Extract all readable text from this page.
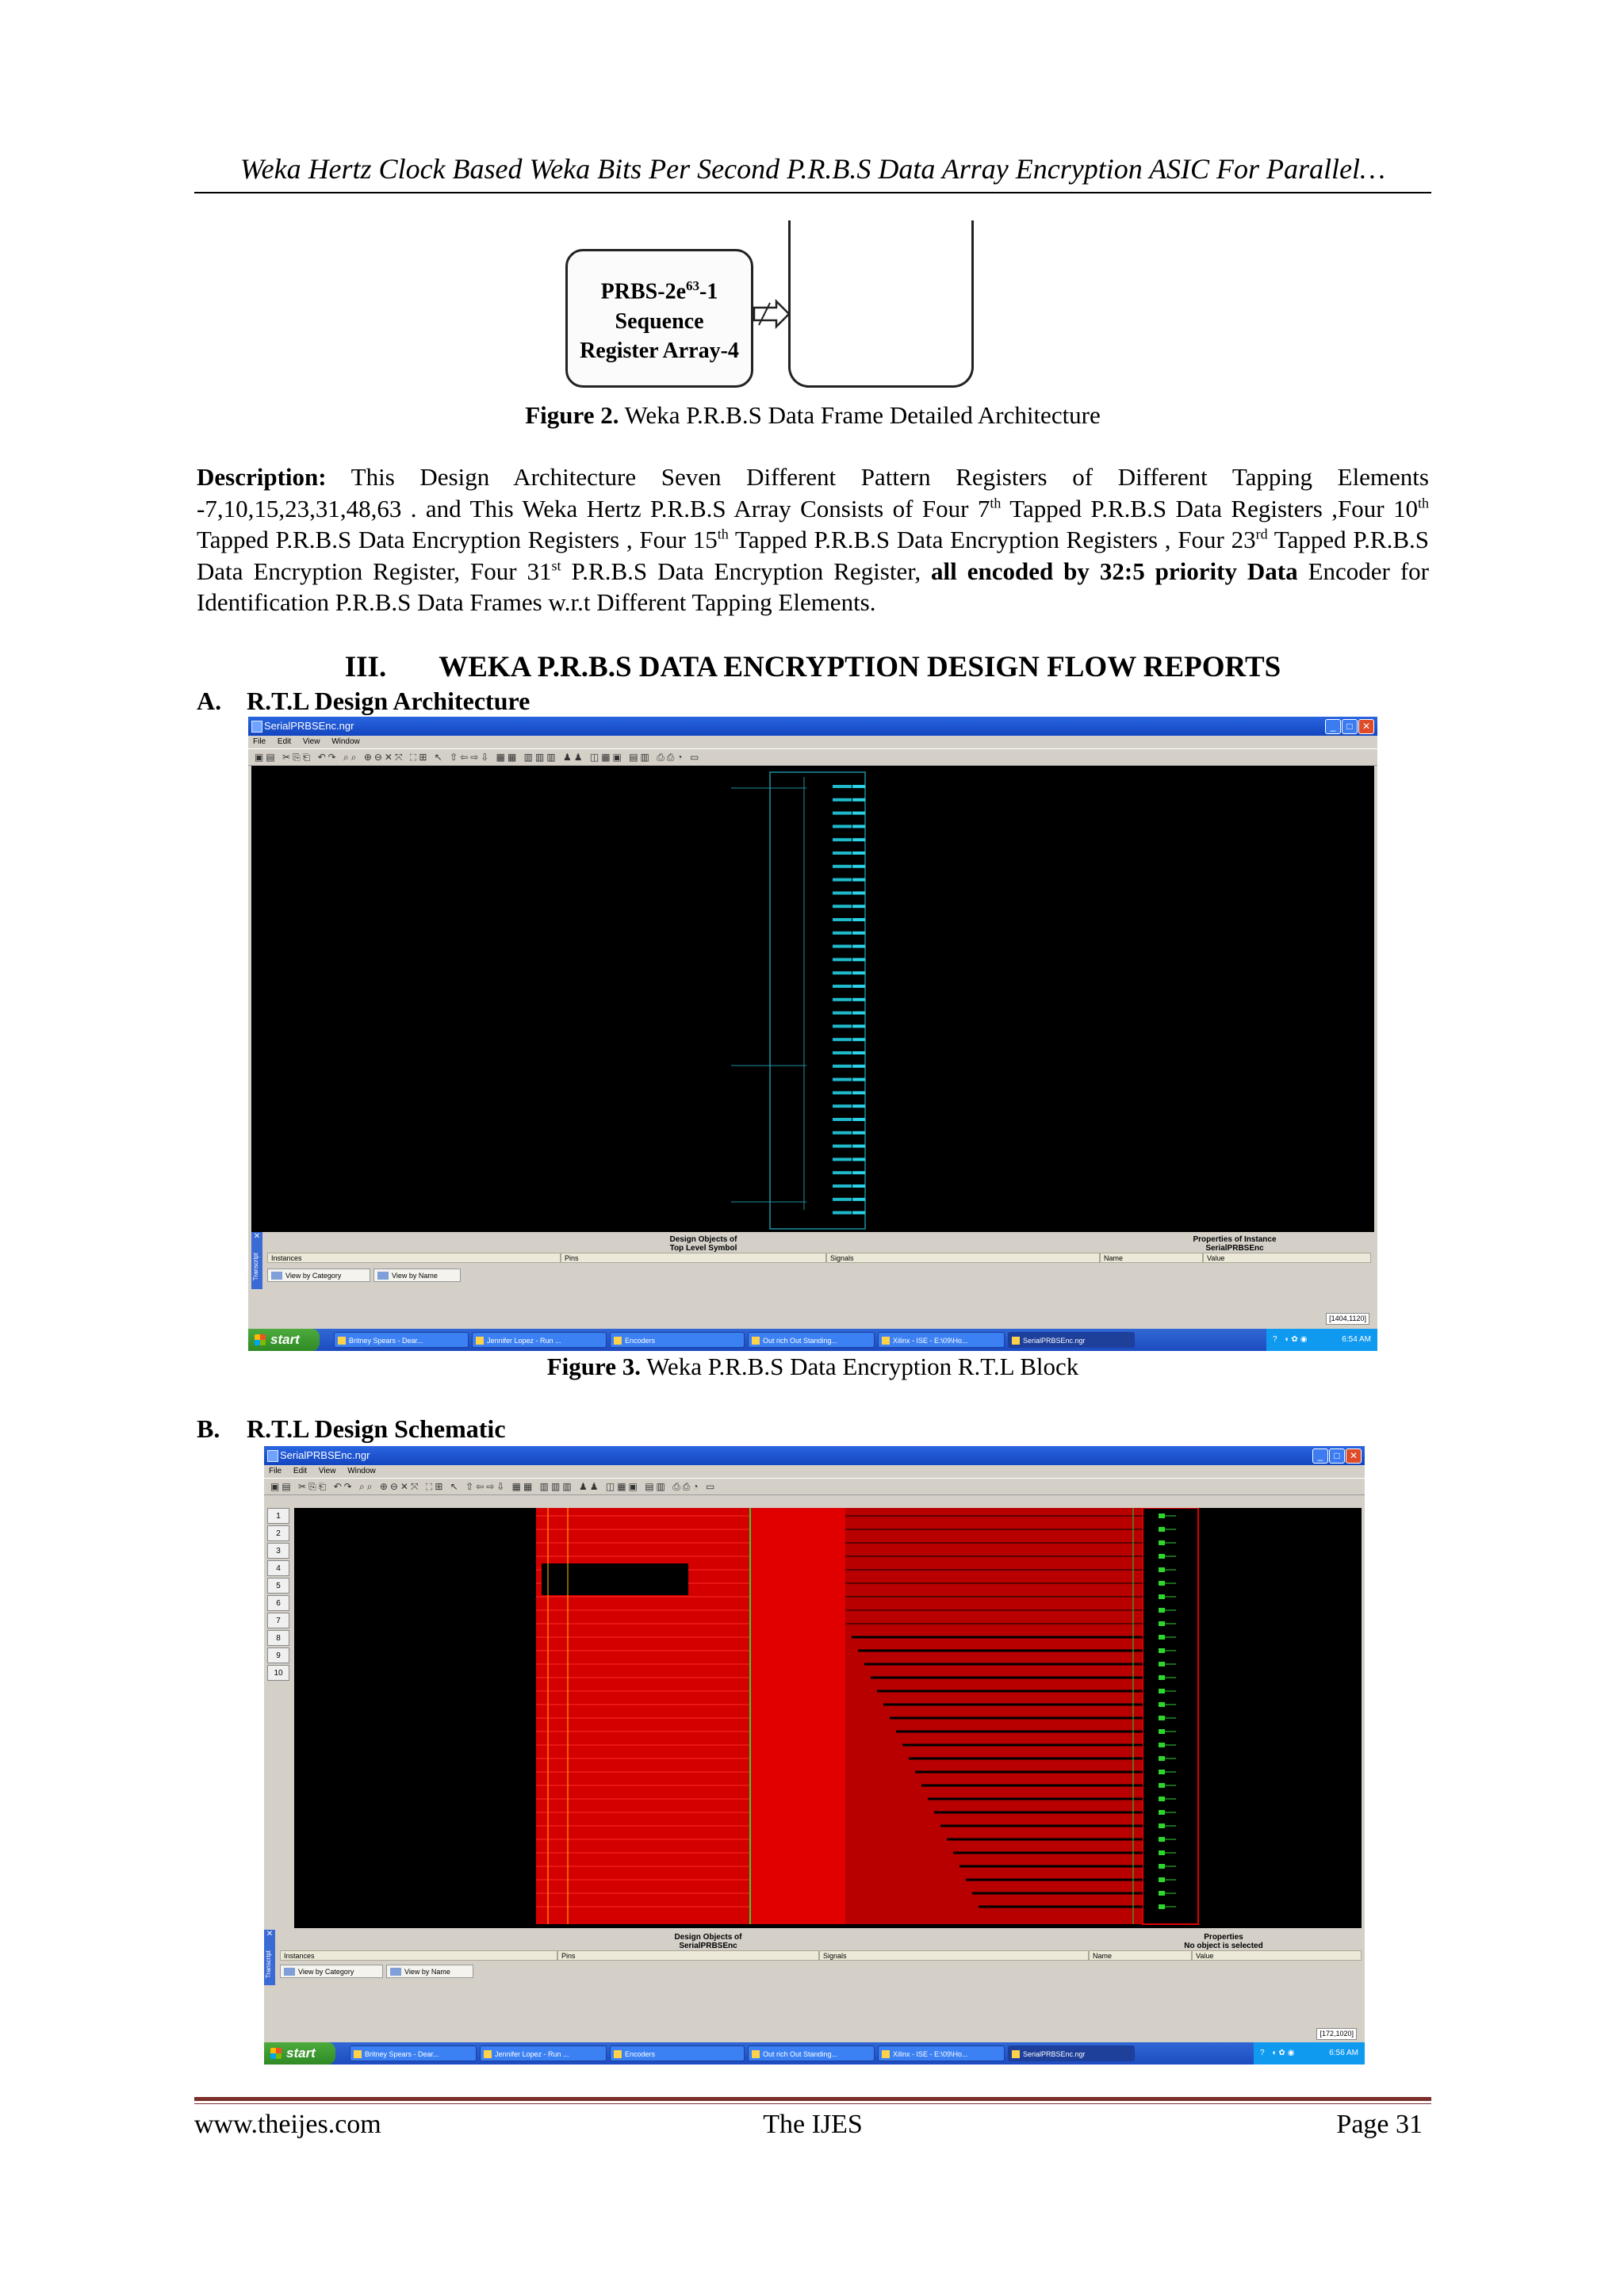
Weka Hertz Clock Based Weka Bits Per Second P.R.B.S Data Array Encryption ASIC For Parallel…
PRBS-$2e^{63}-1$
Sequence
Register Array-4
Figure 2. Weka P.R.B.S Data Frame Detailed Architecture
Description: This Design Architecture Seven Different Pattern Registers of Different Tapping Elements -7,10,15,23,31,48,63 . and This Weka Hertz P.R.B.S Array Consists of Four 7th Tapped P.R.B.S Data Registers ,Four 10th Tapped P.R.B.S Data Encryption Registers , Four 15th Tapped P.R.B.S Data Encryption Registers , Four 23rd Tapped P.R.B.S Data Encryption Register, Four 31st P.R.B.S Data Encryption Register, all encoded by 32:5 priority Data Encoder for Identification P.R.B.S Data Frames w.r.t Different Tapping Elements.
III. WEKA P.R.B.S DATA ENCRYPTION DESIGN FLOW REPORTS
A. R.T.L Design Architecture
SerialPRBSEnc.ngr	_	□	✕
File Edit View Window
▣▤ ✂⎘⎗ ↶↷ ⌕⌕ ⊕⊖✕⤧ ⛶⊞ ↖ ⇧⇦⇨⇩ ▦▦ ▥▥▥ ♟♟ ◫▦▣ ▤▥ ⎙⎙◔ ▭
✕
Transcript
Design Objects of
Top Level Symbol
Properties of Instance
SerialPRBSEnc
Instances	Pins	Signals	Name	Value
View by Category	View by Name
[1404,1120]
start	Britney Spears - Dear...	Jennifer Lopez - Run ...	Encoders	Out rich Out Standing...	Xilinx - ISE - E:\09\Ho...	SerialPRBSEnc.ngr	? ◖✿◉	6:54 AM
Figure 3. Weka P.R.B.S Data Encryption R.T.L Block
B. R.T.L Design Schematic
SerialPRBSEnc.ngr	_	□	✕
File Edit View Window
▣▤ ✂⎘⎗ ↶↷ ⌕⌕ ⊕⊖✕⤧ ⛶⊞ ↖ ⇧⇦⇨⇩ ▦▦ ▥▥▥ ♟♟ ◫▦▣ ▤▥ ⎙⎙◔ ▭
1
2
3
4
5
6
7
8
9
10
✕
Transcript
Design Objects of
SerialPRBSEnc
Properties
No object is selected
Instances	Pins	Signals	Name	Value
View by Category	View by Name
[172,1020]
start	Britney Spears - Dear...	Jennifer Lopez - Run ...	Encoders	Out rich Out Standing...	Xilinx - ISE - E:\09\Ho...	SerialPRBSEnc.ngr	? ◖✿◉	6:56 AM
www.theijes.com	The IJES	Page 31
